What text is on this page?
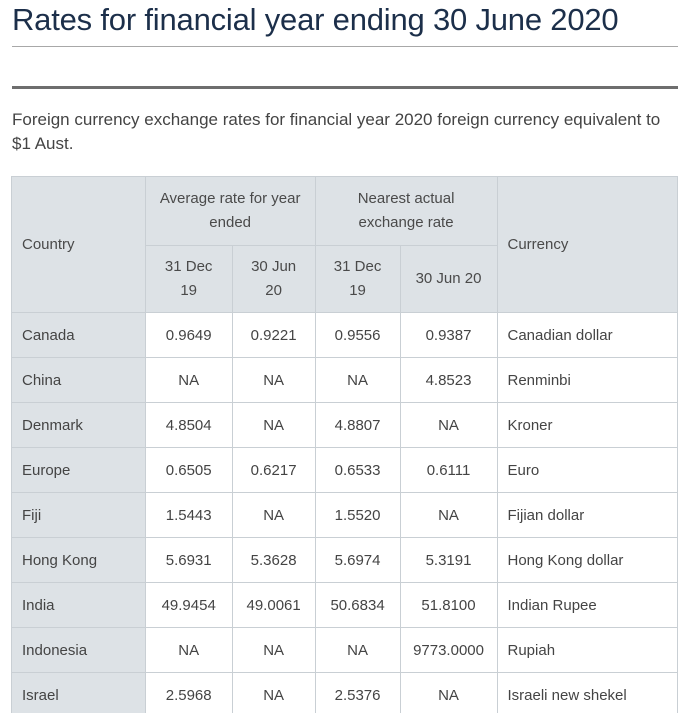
Rates for financial year ending 30 June 2020

Foreign currency exchange rates for financial year 2020 foreign currency equivalent to $1 Aust.

Country	Average rate for year ended		Nearest actual exchange rate		Currency
	31 Dec 19	30 Jun 20	31 Dec 19	30 Jun 20	
Canada	0.9649	0.9221	0.9556	0.9387	Canadian dollar
China	NA	NA	NA	4.8523	Renminbi
Denmark	4.8504	NA	4.8807	NA	Kroner
Europe	0.6505	0.6217	0.6533	0.6111	Euro
Fiji	1.5443	NA	1.5520	NA	Fijian dollar
Hong Kong	5.6931	5.3628	5.6974	5.3191	Hong Kong dollar
India	49.9454	49.0061	50.6834	51.8100	Indian Rupee
Indonesia	NA	NA	NA	9773.0000	Rupiah
Israel	2.5968	NA	2.5376	NA	Israeli new shekel
